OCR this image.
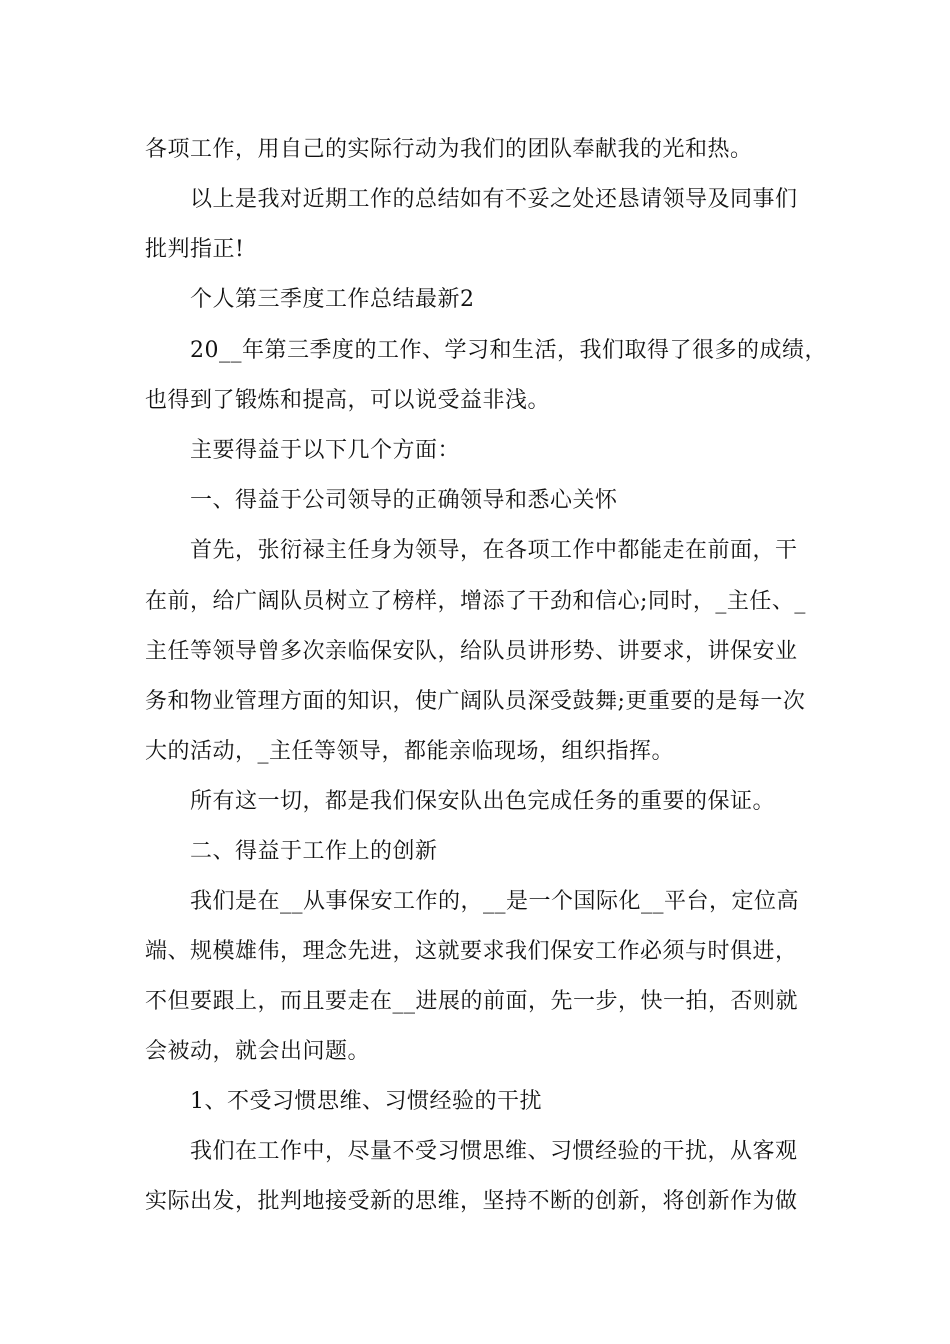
各项工作，用自己的实际行动为我们的团队奉献我的光和热。

以上是我对近期工作的总结如有不妥之处还恳请领导及同事们

批判指正!

个人第三季度工作总结最新2

20__年第三季度的工作、学习和生活，我们取得了很多的成绩，

也得到了锻炼和提高，可以说受益非浅。

主要得益于以下几个方面：

一、得益于公司领导的正确领导和悉心关怀

首先，张衍禄主任身为领导，在各项工作中都能走在前面，干

在前，给广阔队员树立了榜样，增添了干劲和信心;同时，_主任、_

主任等领导曾多次亲临保安队，给队员讲形势、讲要求，讲保安业

务和物业管理方面的知识，使广阔队员深受鼓舞;更重要的是每一次

大的活动，_主任等领导，都能亲临现场，组织指挥。

所有这一切，都是我们保安队出色完成任务的重要的保证。

二、得益于工作上的创新

我们是在__从事保安工作的，__是一个国际化__平台，定位高

端、规模雄伟，理念先进，这就要求我们保安工作必须与时俱进，

不但要跟上，而且要走在__进展的前面，先一步，快一拍，否则就

会被动，就会出问题。

1、不受习惯思维、习惯经验的干扰

我们在工作中，尽量不受习惯思维、习惯经验的干扰，从客观

实际出发，批判地接受新的思维，坚持不断的创新，将创新作为做
